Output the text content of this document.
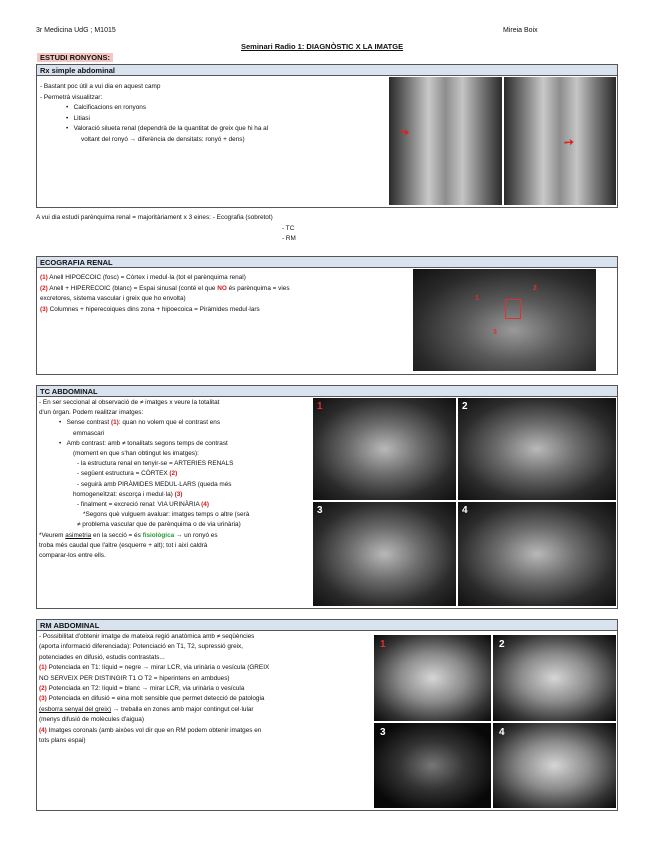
3r Medicina UdG ; M1015	Mireia Boix
Seminari Radio 1: DIAGNÒSTIC X LA IMATGE
ESTUDI RONYONS:
Rx simple abdominal

- Bastant poc útil a vui dia en aquest camp

- Permetrà visualitzar:

•   Calcificacions en ronyons

•   Litiasi

•   Valoració silueta renal (dependrà de la quantitat de greix que hi ha al

voltant del ronyó → diferència de densitats: ronyó + dens)	➘
➚

A vui dia estudi parènquima renal = majoritàriament x 3 eines: - Ecografia (sobretot)

- TC

- RM

ECOGRAFIA RENAL

(1) Anell HIPOECOIC (fosc) = Còrtex i medul·la (tot el parènquima renal)

(2) Anell + HIPERECOIC (blanc) = Espai sinusal (conté el que NO és parènquima = vies

excretores, sistema vascular i greix que ho envolta)

(3) Columnes + hiperecoiques dins zona + hipoecoica = Piràmides medul·lars

1
2
3
TC ABDOMINAL

- En ser seccional al observació de ≠ imatges x veure la totalitat

d'un òrgan. Podem realitzar imatges:

•   Sense contrast (1): quan no volem que el contrast ens

emmascari

•   Amb contrast: amb ≠ tonalitats segons temps de contrast

(moment en que s'han obtingut les imatges):

- la estructura renal en tenyir-se = ARTERIES RENALS

- següent estructura = CÒRTEX (2)

- seguirà amb PIRÀMIDES MEDUL·LARS (queda més

homogeneïtzat: escorça i medul·la) (3)

- finalment = excreció renal: VIA URINÀRIA (4)

*Segons què vulguem avaluar: imatges temps o altre (serà

≠ problema vascular que de parènquima o de via urinària)

*Veurem asimetria en la secció = és fisiològica → un ronyó es

troba més caudal que l'altre (esquerre + alt); tot i així caldrà

comparar-los entre ells.

1	2
3	4
RM ABDOMINAL

- Possibilitat d'obtenir imatge de mateixa regió anatòmica amb ≠ seqüències

(aporta informació diferenciada): Potenciació en T1, T2, supressió greix,

potenciades en difusió, estudis contrastats...

(1) Potenciada en T1: líquid = negre → mirar LCR, via urinària o vesícula (GREIX

NO SERVEIX PER DISTINGIR T1 O T2 = hiperintens en ambdues)

(2) Potenciada en T2: líquid = blanc → mirar LCR, via urinària o vesícula

(3) Potenciada en difusió = eina molt sensible que permet detecció de patologia

(esborra senyal del greix) → treballa en zones amb major contingut cel·lular

(menys difusió de molècules d'aigua)

(4) Imatges coronals (amb aixòes vol dir que en RM podem obtenir imatges en

tots plans espai)

1	2
3	4
